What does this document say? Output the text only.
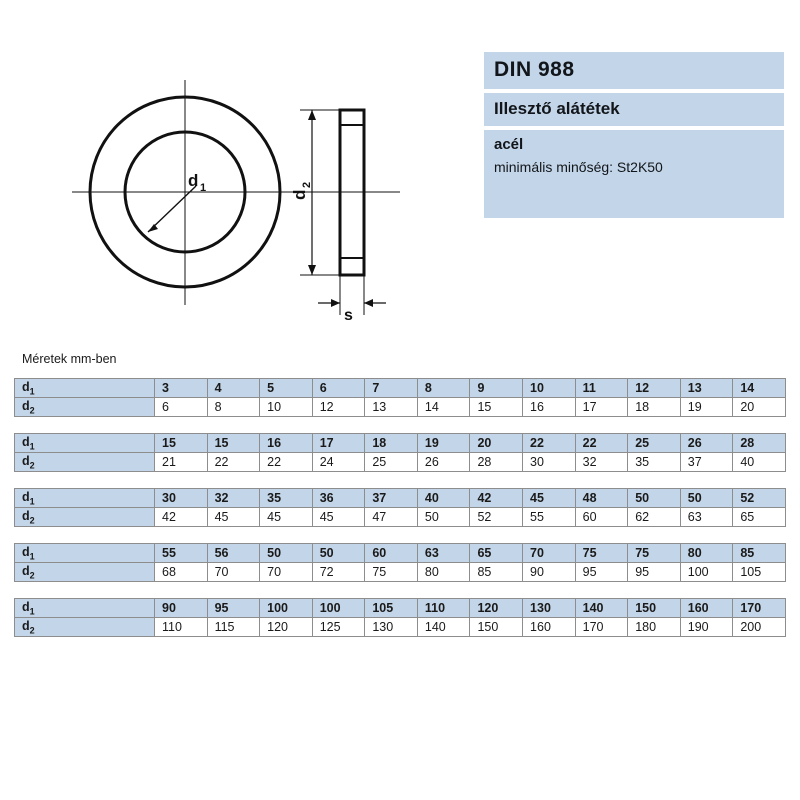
d 1
d
2
s
DIN 988
Illesztő alátétek
acél
minimális minőség: St2K50
Méretek mm-ben
$d_1$	3	4	5	6	7	8	9	10	11	12	13	14
$d_2$	6	8	10	12	13	14	15	16	17	18	19	20
$d_1$	15	15	16	17	18	19	20	22	22	25	26	28
$d_2$	21	22	22	24	25	26	28	30	32	35	37	40
$d_1$	30	32	35	36	37	40	42	45	48	50	50	52
$d_2$	42	45	45	45	47	50	52	55	60	62	63	65
$d_1$	55	56	50	50	60	63	65	70	75	75	80	85
$d_2$	68	70	70	72	75	80	85	90	95	95	100	105
$d_1$	90	95	100	100	105	110	120	130	140	150	160	170
$d_2$	110	115	120	125	130	140	150	160	170	180	190	200
